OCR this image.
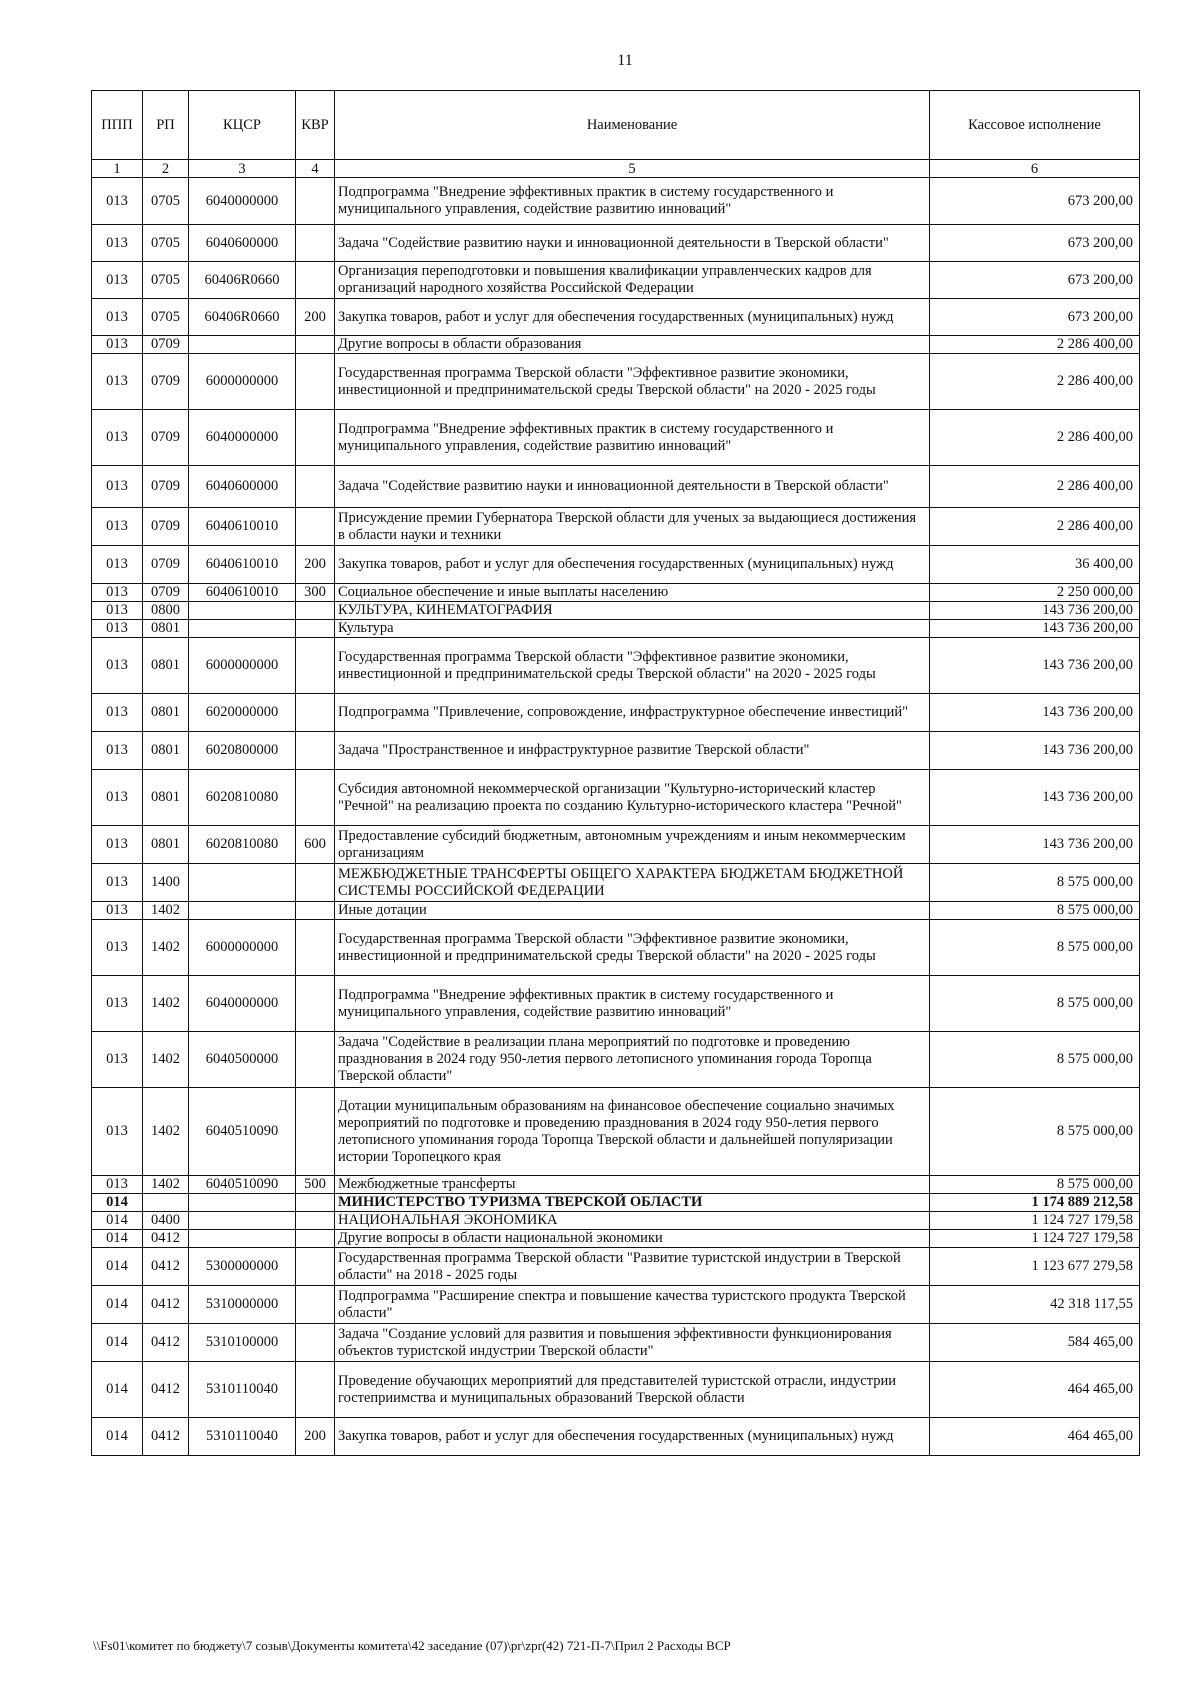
11
ППП	РП	КЦСР	КВР	Наименование	Кассовое исполнение
1	2	3	4	5	6
013	0705	6040000000		Подпрограмма "Внедрение эффективных практик в систему государственного и муниципального управления, содействие развитию инноваций"	673 200,00
013	0705	6040600000		Задача "Содействие развитию науки и инновационной деятельности в Тверской области"	673 200,00
013	0705	60406R0660		Организация переподготовки и повышения квалификации управленческих кадров для организаций народного хозяйства Российской Федерации	673 200,00
013	0705	60406R0660	200	Закупка товаров, работ и услуг для обеспечения государственных (муниципальных) нужд	673 200,00
013	0709			Другие вопросы в области образования	2 286 400,00
013	0709	6000000000		Государственная программа Тверской области "Эффективное развитие экономики, инвестиционной и предпринимательской среды Тверской области" на 2020 - 2025 годы	2 286 400,00
013	0709	6040000000		Подпрограмма "Внедрение эффективных практик в систему государственного и муниципального управления, содействие развитию инноваций"	2 286 400,00
013	0709	6040600000		Задача "Содействие развитию науки и инновационной деятельности в Тверской области"	2 286 400,00
013	0709	6040610010		Присуждение премии Губернатора Тверской области для ученых за выдающиеся достижения в области науки и техники	2 286 400,00
013	0709	6040610010	200	Закупка товаров, работ и услуг для обеспечения государственных (муниципальных) нужд	36 400,00
013	0709	6040610010	300	Социальное обеспечение и иные выплаты населению	2 250 000,00
013	0800			КУЛЬТУРА, КИНЕМАТОГРАФИЯ	143 736 200,00
013	0801			Культура	143 736 200,00
013	0801	6000000000		Государственная программа Тверской области "Эффективное развитие экономики, инвестиционной и предпринимательской среды Тверской области" на 2020 - 2025 годы	143 736 200,00
013	0801	6020000000		Подпрограмма "Привлечение, сопровождение, инфраструктурное обеспечение инвестиций"	143 736 200,00
013	0801	6020800000		Задача "Пространственное и инфраструктурное развитие Тверской области"	143 736 200,00
013	0801	6020810080		Субсидия автономной некоммерческой организации "Культурно-исторический кластер "Речной" на реализацию проекта по созданию Культурно-исторического кластера "Речной"	143 736 200,00
013	0801	6020810080	600	Предоставление субсидий бюджетным, автономным учреждениям и иным некоммерческим организациям	143 736 200,00
013	1400			МЕЖБЮДЖЕТНЫЕ ТРАНСФЕРТЫ ОБЩЕГО ХАРАКТЕРА БЮДЖЕТАМ БЮДЖЕТНОЙ СИСТЕМЫ РОССИЙСКОЙ ФЕДЕРАЦИИ	8 575 000,00
013	1402			Иные дотации	8 575 000,00
013	1402	6000000000		Государственная программа Тверской области "Эффективное развитие экономики, инвестиционной и предпринимательской среды Тверской области" на 2020 - 2025 годы	8 575 000,00
013	1402	6040000000		Подпрограмма "Внедрение эффективных практик в систему государственного и муниципального управления, содействие развитию инноваций"	8 575 000,00
013	1402	6040500000		Задача "Содействие в реализации плана мероприятий по подготовке и проведению празднования в 2024 году 950-летия первого летописного упоминания города Торопца Тверской области"	8 575 000,00
013	1402	6040510090		Дотации муниципальным образованиям на финансовое обеспечение социально значимых мероприятий по подготовке и проведению празднования в 2024 году 950-летия первого летописного упоминания города Торопца Тверской области и дальнейшей популяризации истории Торопецкого края	8 575 000,00
013	1402	6040510090	500	Межбюджетные трансферты	8 575 000,00
014				МИНИСТЕРСТВО ТУРИЗМА ТВЕРСКОЙ ОБЛАСТИ	1 174 889 212,58
014	0400			НАЦИОНАЛЬНАЯ ЭКОНОМИКА	1 124 727 179,58
014	0412			Другие вопросы в области национальной экономики	1 124 727 179,58
014	0412	5300000000		Государственная программа Тверской области "Развитие туристской индустрии в Тверской области" на 2018 - 2025 годы	1 123 677 279,58
014	0412	5310000000		Подпрограмма "Расширение спектра и повышение качества туристского продукта Тверской области"	42 318 117,55
014	0412	5310100000		Задача "Создание условий для развития и повышения эффективности функционирования объектов туристской индустрии Тверской области"	584 465,00
014	0412	5310110040		Проведение обучающих мероприятий для представителей туристской отрасли, индустрии гостеприимства и муниципальных образований Тверской области	464 465,00
014	0412	5310110040	200	Закупка товаров, работ и услуг для обеспечения государственных (муниципальных) нужд	464 465,00
\\Fs01\комитет по бюджету\7 созыв\Документы комитета\42 заседание (07)\pr\zpr(42) 721-П-7\Прил 2 Расходы ВСР
